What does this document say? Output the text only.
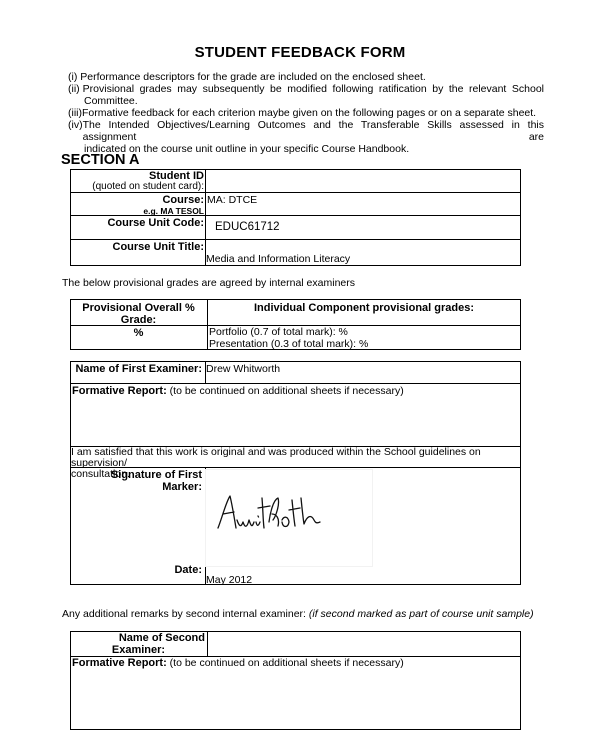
STUDENT FEEDBACK FORM
(i) Performance descriptors for the grade are included on the enclosed sheet.
(ii) Provisional grades may subsequently be modified following ratification by the relevant School
Committee.
(iii)Formative feedback for each criterion maybe given on the following pages or on a separate sheet.
(iv) The Intended Objectives/Learning Outcomes and the Transferable Skills assessed in this assignment are
indicated on the course unit outline in your specific Course Handbook.
SECTION A
Student ID
(quoted on student card):
Course:
e.g. MA TESOL
MA: DTCE
Course Unit Code: EDUC61712
Course Unit Title:
Media and Information Literacy
The below provisional grades are agreed by internal examiners
Provisional Overall % Grade:
Individual Component provisional grades:
%	Portfolio (0.7 of total mark): %
Presentation (0.3 of total mark): %
Name of First Examiner: Drew Whitworth
Formative Report: (to be continued on additional sheets if necessary)
I am satisfied that this work is original and was produced within the School guidelines on supervision/
consultation.
Signature of First Marker:
Date:
May 2012
Any additional remarks by second internal examiner: (if second marked as part of course unit sample)
Name of Second
Examiner:
Formative Report: (to be continued on additional sheets if necessary)
